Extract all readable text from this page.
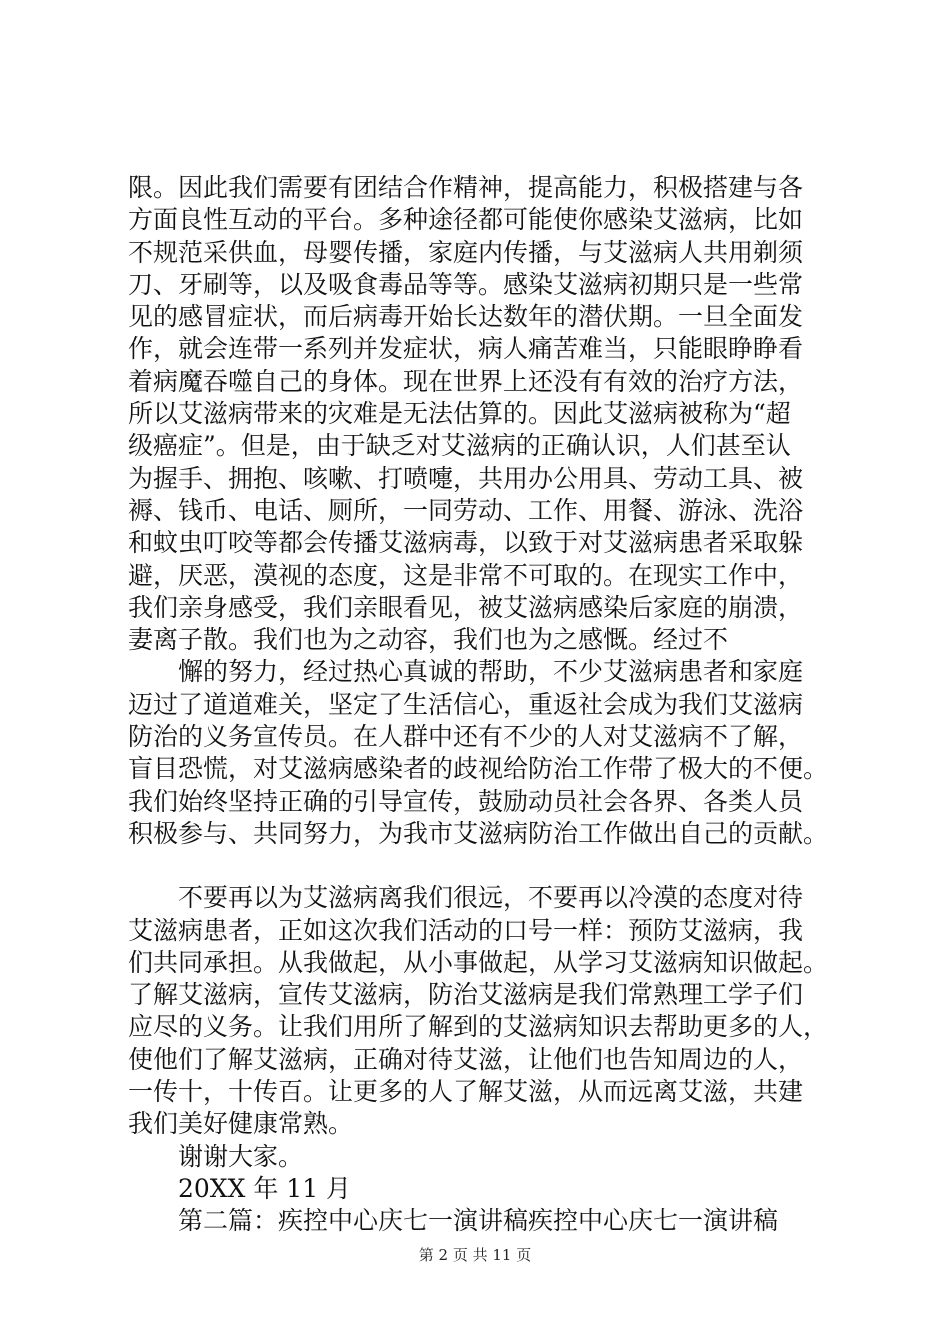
限。因此我们需要有团结合作精神，提高能力，积极搭建与各
方面良性互动的平台。多种途径都可能使你感染艾滋病，比如
不规范采供血，母婴传播，家庭内传播，与艾滋病人共用剃须
刀、牙刷等，以及吸食毒品等等。感染艾滋病初期只是一些常
见的感冒症状，而后病毒开始长达数年的潜伏期。一旦全面发
作，就会连带一系列并发症状，病人痛苦难当，只能眼睁睁看
着病魔吞噬自己的身体。现在世界上还没有有效的治疗方法，
所以艾滋病带来的灾难是无法估算的。因此艾滋病被称为“超
级癌症”。但是，由于缺乏对艾滋病的正确认识，人们甚至认
为握手、拥抱、咳嗽、打喷嚏，共用办公用具、劳动工具、被
褥、钱币、电话、厕所，一同劳动、工作、用餐、游泳、洗浴
和蚊虫叮咬等都会传播艾滋病毒，以致于对艾滋病患者采取躲
避，厌恶，漠视的态度，这是非常不可取的。在现实工作中，
我们亲身感受，我们亲眼看见，被艾滋病感染后家庭的崩溃，
妻离子散。我们也为之动容，我们也为之感慨。经过不
　　懈的努力，经过热心真诚的帮助，不少艾滋病患者和家庭
迈过了道道难关，坚定了生活信心，重返社会成为我们艾滋病
防治的义务宣传员。在人群中还有不少的人对艾滋病不了解，
盲目恐慌，对艾滋病感染者的歧视给防治工作带了极大的不便。
我们始终坚持正确的引导宣传，鼓励动员社会各界、各类人员
积极参与、共同努力，为我市艾滋病防治工作做出自己的贡献。
　　不要再以为艾滋病离我们很远，不要再以冷漠的态度对待
艾滋病患者，正如这次我们活动的口号一样：预防艾滋病，我
们共同承担。从我做起，从小事做起，从学习艾滋病知识做起。
了解艾滋病，宣传艾滋病，防治艾滋病是我们常熟理工学子们
应尽的义务。让我们用所了解到的艾滋病知识去帮助更多的人，
使他们了解艾滋病，正确对待艾滋，让他们也告知周边的人，
一传十，十传百。让更多的人了解艾滋，从而远离艾滋，共建
我们美好健康常熟。
　　谢谢大家。
　　20XX 年 11 月
　　第二篇：疾控中心庆七一演讲稿疾控中心庆七一演讲稿
第 2 页 共 11 页
